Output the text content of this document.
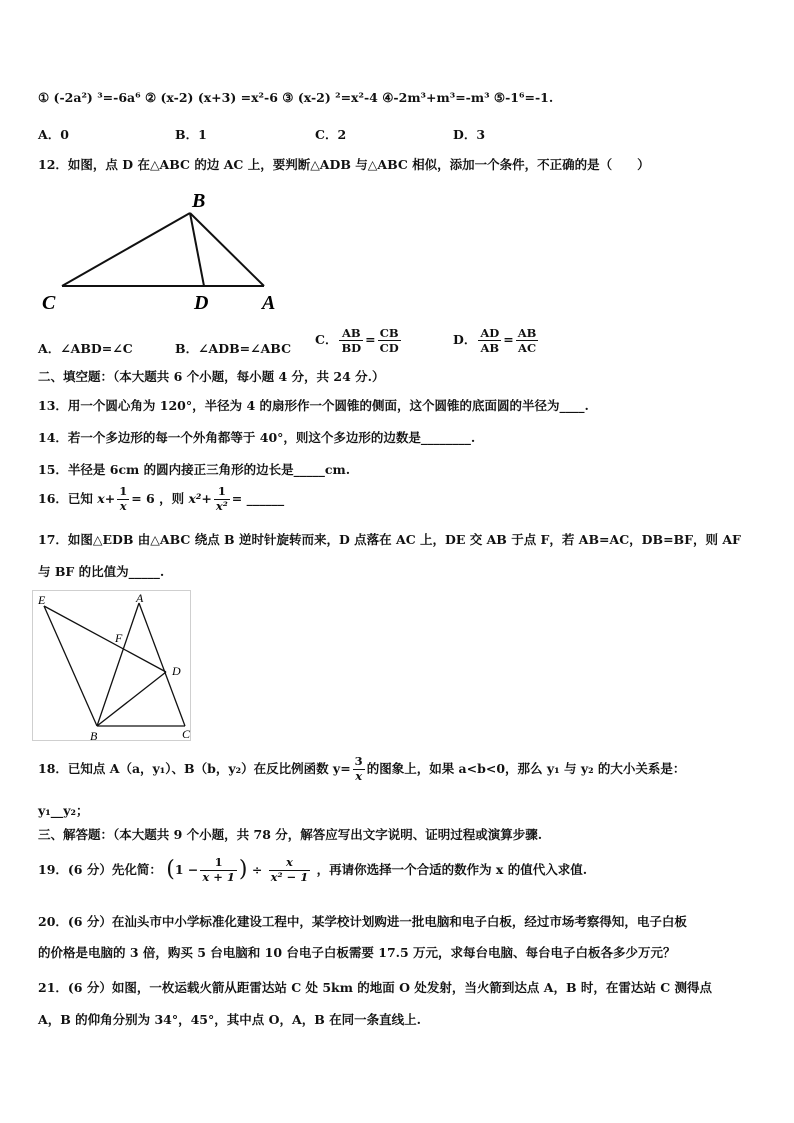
① (-2a²) ³=-6a⁶ ② (x-2) (x+3) =x²-6 ③ (x-2) ²=x²-4 ④-2m³+m³=-m³ ⑤-1⁶=-1.
A．0	B．1	C．2	D．3
12．如图，点 D 在△ABC 的边 AC 上，要判断△ADB 与△ABC 相似，添加一个条件，不正确的是（　　）
B
C	D	A
A．∠ABD=∠C	B．∠ADB=∠ABC
C． $\frac{AB}{BD} = \frac{CB}{CD}$	D． $\frac{AD}{AB} = \frac{AB}{AC}$
二、填空题：（本大题共 6 个小题，每小题 4 分，共 24 分.）
13．用一个圆心角为 120°，半径为 4 的扇形作一个圆锥的侧面，这个圆锥的底面圆的半径为____.
14．若一个多边形的每一个外角都等于 40°，则这个多边形的边数是________.
15．半径是 6cm 的圆内接正三角形的边长是_____cm.
16．已知 $x+ \frac{1}{x} = 6$ ，则 $x^2+ \frac{1}{\text{x²}}$ = ______
17．如图△EDB 由△ABC 绕点 B 逆时针旋转而来，D 点落在 AC 上，DE 交 AB 于点 F，若 AB=AC，DB=BF，则 AF
与 BF 的比值为_____.
E	A
F
D
B	C
18．已知点 A（a，y₁）、B（b，y₂）在反比例函数 $y= \frac{3}{x}$ 的图象上，如果 a<b<0，那么 y₁ 与 y₂ 的大小关系是：
y₁__y₂；
三、解答题：（本大题共 9 个小题，共 78 分，解答应写出文字说明、证明过程或演算步骤.
19．(6 分）先化简： ($1 - \frac{1}{x + 1}$ ) ÷ $\frac{x}{\text{x² − 1}}$ ，再请你选择一个合适的数作为 x 的值代入求值.
20．(6 分）在汕头市中小学标准化建设工程中，某学校计划购进一批电脑和电子白板，经过市场考察得知，电子白板
的价格是电脑的 3 倍，购买 5 台电脑和 10 台电子白板需要 17.5 万元，求每台电脑、每台电子白板各多少万元？
21．(6 分）如图，一枚运载火箭从距雷达站 C 处 5km 的地面 O 处发射，当火箭到达点 A，B 时，在雷达站 C 测得点
A，B 的仰角分别为 34°，45°，其中点 O，A，B 在同一条直线上.
